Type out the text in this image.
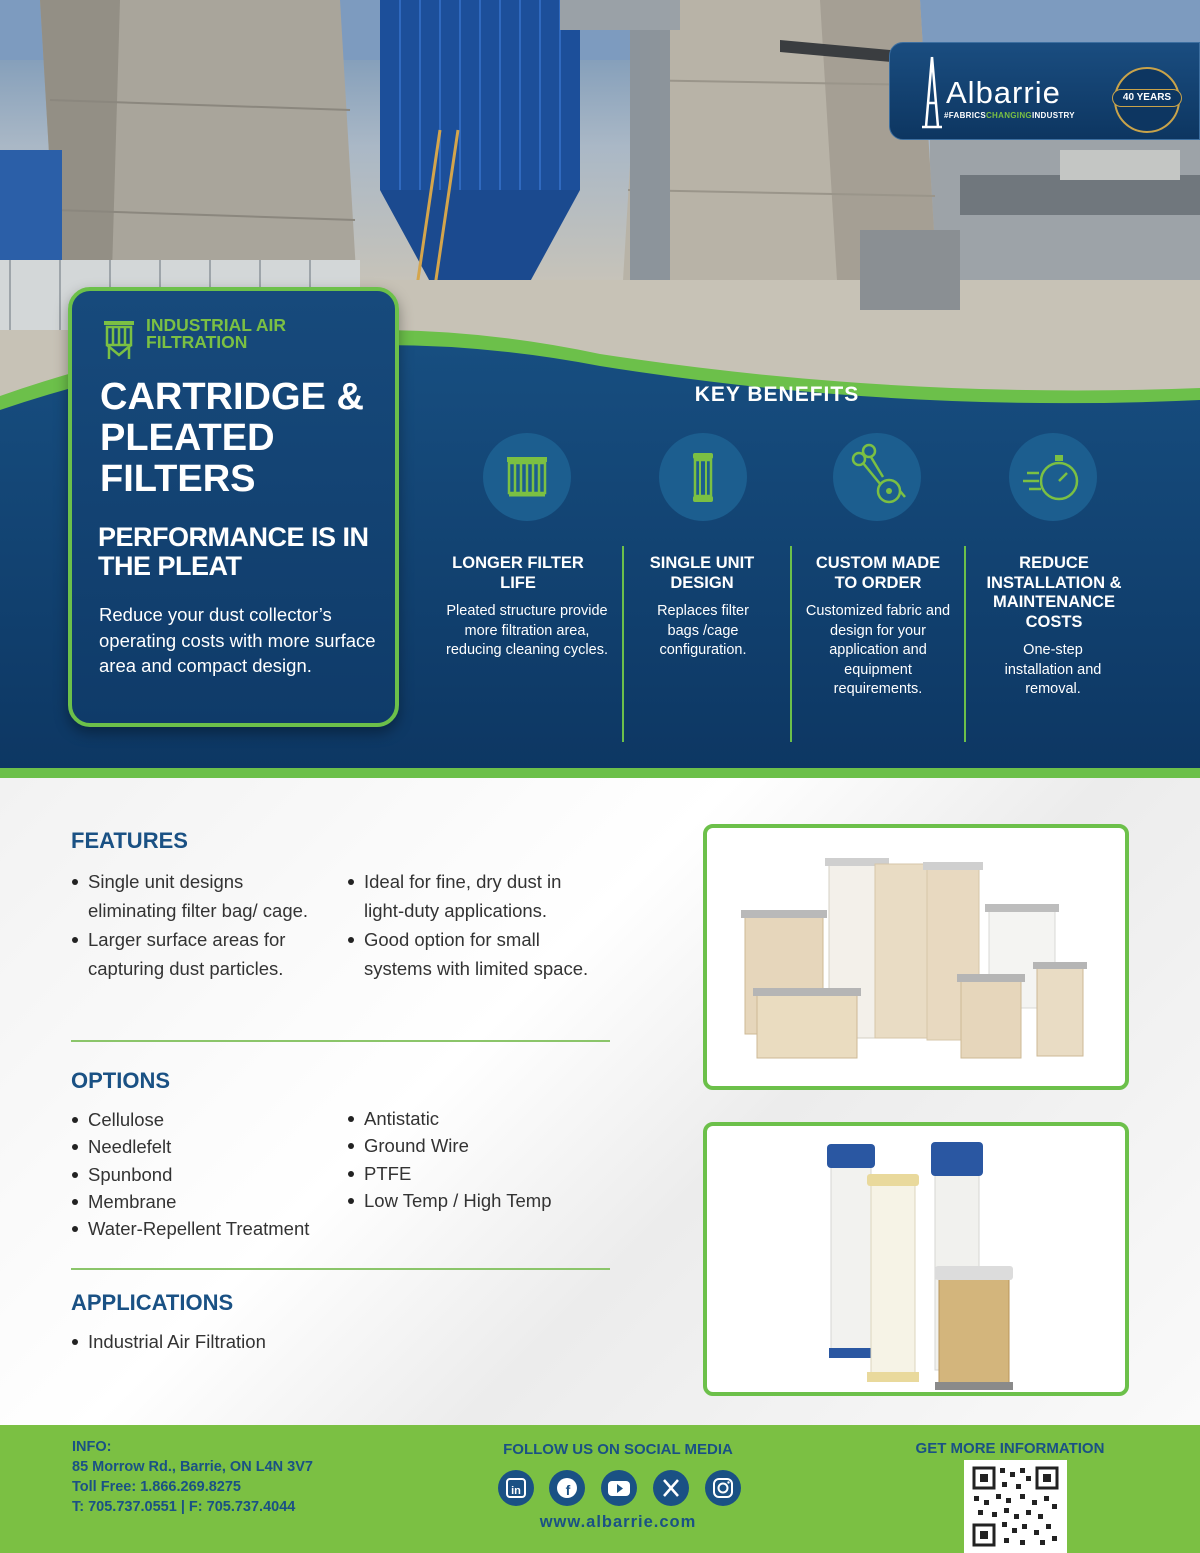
Albarrie
#FABRICSCHANGINGINDUSTRY
40 YEARS
INDUSTRIAL AIR FILTRATION
CARTRIDGE & PLEATED FILTERS
PERFORMANCE IS IN THE PLEAT
Reduce your dust collector’s operating costs with more surface area and compact design.
KEY BENEFITS
LONGER FILTER LIFE
Pleated structure provide more filtration area, reducing cleaning cycles.
SINGLE UNIT DESIGN
Replaces filter bags /cage configuration.
CUSTOM MADE TO ORDER
Customized fabric and design for your application and equipment requirements.
REDUCE INSTALLATION & MAINTENANCE COSTS
One-step installation and removal.
FEATURES
Single unit designs eliminating filter bag/ cage.
Larger surface areas for capturing dust particles.
Ideal for fine, dry dust in light-duty applications.
Good option for small systems with limited space.
OPTIONS
Cellulose
Needlefelt
Spunbond
Membrane
Water-Repellent Treatment
Antistatic
Ground Wire
PTFE
Low Temp / High Temp
APPLICATIONS
Industrial Air Filtration
INFO:
85 Morrow Rd., Barrie, ON L4N 3V7
Toll Free: 1.866.269.8275
T: 705.737.0551 | F: 705.737.4044
FOLLOW US ON SOCIAL MEDIA
in	f
www.albarrie.com
GET MORE INFORMATION
